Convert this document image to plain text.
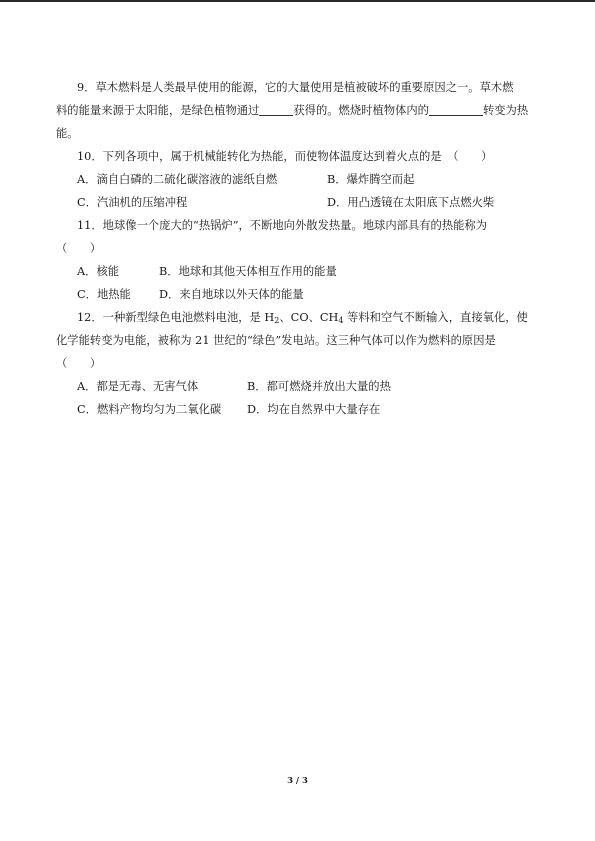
9．草木燃料是人类最早使用的能源，它的大量使用是植被破坏的重要原因之一。草木燃
料的能量来源于太阳能，是绿色植物通过	获得的。燃烧时植物体内的	转变为热
能。
10．下列各项中，属于机械能转化为热能，而使物体温度达到着火点的是　（　　）
A．滴自白磷的二硫化碳溶液的滤纸自燃	B．爆炸腾空而起
C．汽油机的压缩冲程	D．用凸透镜在太阳底下点燃火柴
11．地球像一个庞大的“热锅炉”，不断地向外散发热量。地球内部具有的热能称为
（　　）
A．核能	B．地球和其他天体相互作用的能量
C．地热能	D．来自地球以外天体的能量
12．一种新型绿色电池燃料电池，是 $H_2$、CO、$CH_4$ 等料和空气不断输入，直接氧化，使
化学能转变为电能，被称为 21 世纪的“绿色”发电站。这三种气体可以作为燃料的原因是
（　　）
A．都是无毒、无害气体	B．都可燃烧并放出大量的热
C．燃料产物均匀为二氧化碳	D．均在自然界中大量存在
3 / 3
